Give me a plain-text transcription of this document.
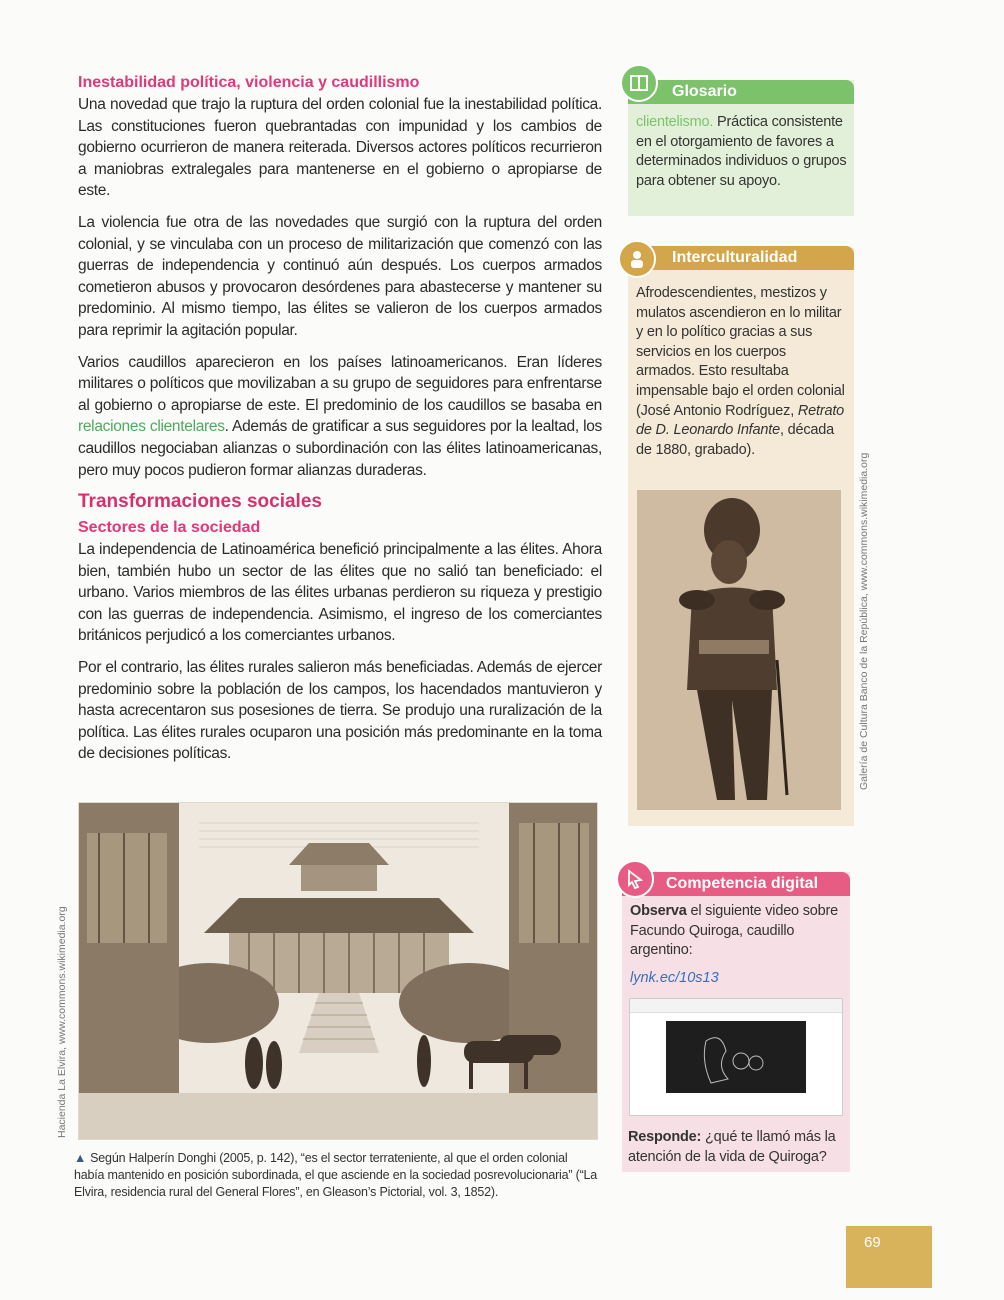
Inestabilidad política, violencia y caudillismo

Una novedad que trajo la ruptura del orden colonial fue la inestabilidad política. Las constituciones fueron quebrantadas con impunidad y los cambios de gobierno ocurrieron de manera reiterada. Diversos actores políticos recurrieron a maniobras extralegales para mantenerse en el gobierno o apropiarse de este.

La violencia fue otra de las novedades que surgió con la ruptura del orden colonial, y se vinculaba con un proceso de militarización que comenzó con las guerras de independencia y continuó aún después. Los cuerpos armados cometieron abusos y provocaron desórdenes para abastecerse y mantener su predominio. Al mismo tiempo, las élites se valieron de los cuerpos armados para reprimir la agitación popular.

Varios caudillos aparecieron en los países latinoamericanos. Eran líderes militares o políticos que movilizaban a su grupo de seguidores para enfrentarse al gobierno o apropiarse de este. El predominio de los caudillos se basaba en relaciones clientelares. Además de gratificar a sus seguidores por la lealtad, los caudillos negociaban alianzas o subordinación con las élites latinoamericanas, pero muy pocos pudieron formar alianzas duraderas.

Transformaciones sociales
Sectores de la sociedad

La independencia de Latinoamérica benefició principalmente a las élites. Ahora bien, también hubo un sector de las élites que no salió tan beneficiado: el urbano. Varios miembros de las élites urbanas perdieron su riqueza y prestigio con las guerras de independencia. Asimismo, el ingreso de los comerciantes británicos perjudicó a los comerciantes urbanos.

Por el contrario, las élites rurales salieron más beneficiadas. Además de ejercer predominio sobre la población de los campos, los hacendados mantuvieron y hasta acrecentaron sus posesiones de tierra. Se produjo una ruralización de la política. Las élites rurales ocuparon una posición más predominante en la toma de decisiones políticas.

▲ Según Halperín Donghi (2005, p. 142), “es el sector terrateniente, al que el orden colonial había mantenido en posición subordinada, el que asciende en la sociedad posrevolucionaria” (“La Elvira, residencia rural del General Flores”, en Gleason’s Pictorial, vol. 3, 1852).
Hacienda La Elvira, www.commons.wikimedia.org
Galería de Cultura Banco de la República, www.commons.wikimedia.org
Glosario
clientelismo. Práctica consistente en el otorgamiento de favores a determinados individuos o grupos para obtener su apoyo.
Interculturalidad
Afrodescendientes, mestizos y mulatos ascendieron en lo militar y en lo político gracias a sus servicios en los cuerpos armados. Esto resultaba impensable bajo el orden colonial (José Antonio Rodríguez, Retrato de D. Leonardo Infante, década de 1880, grabado).
Competencia digital
Observa el siguiente video sobre Facundo Quiroga, caudillo argentino:
lynk.ec/10s13
Responde: ¿qué te llamó más la atención de la vida de Quiroga?
69
